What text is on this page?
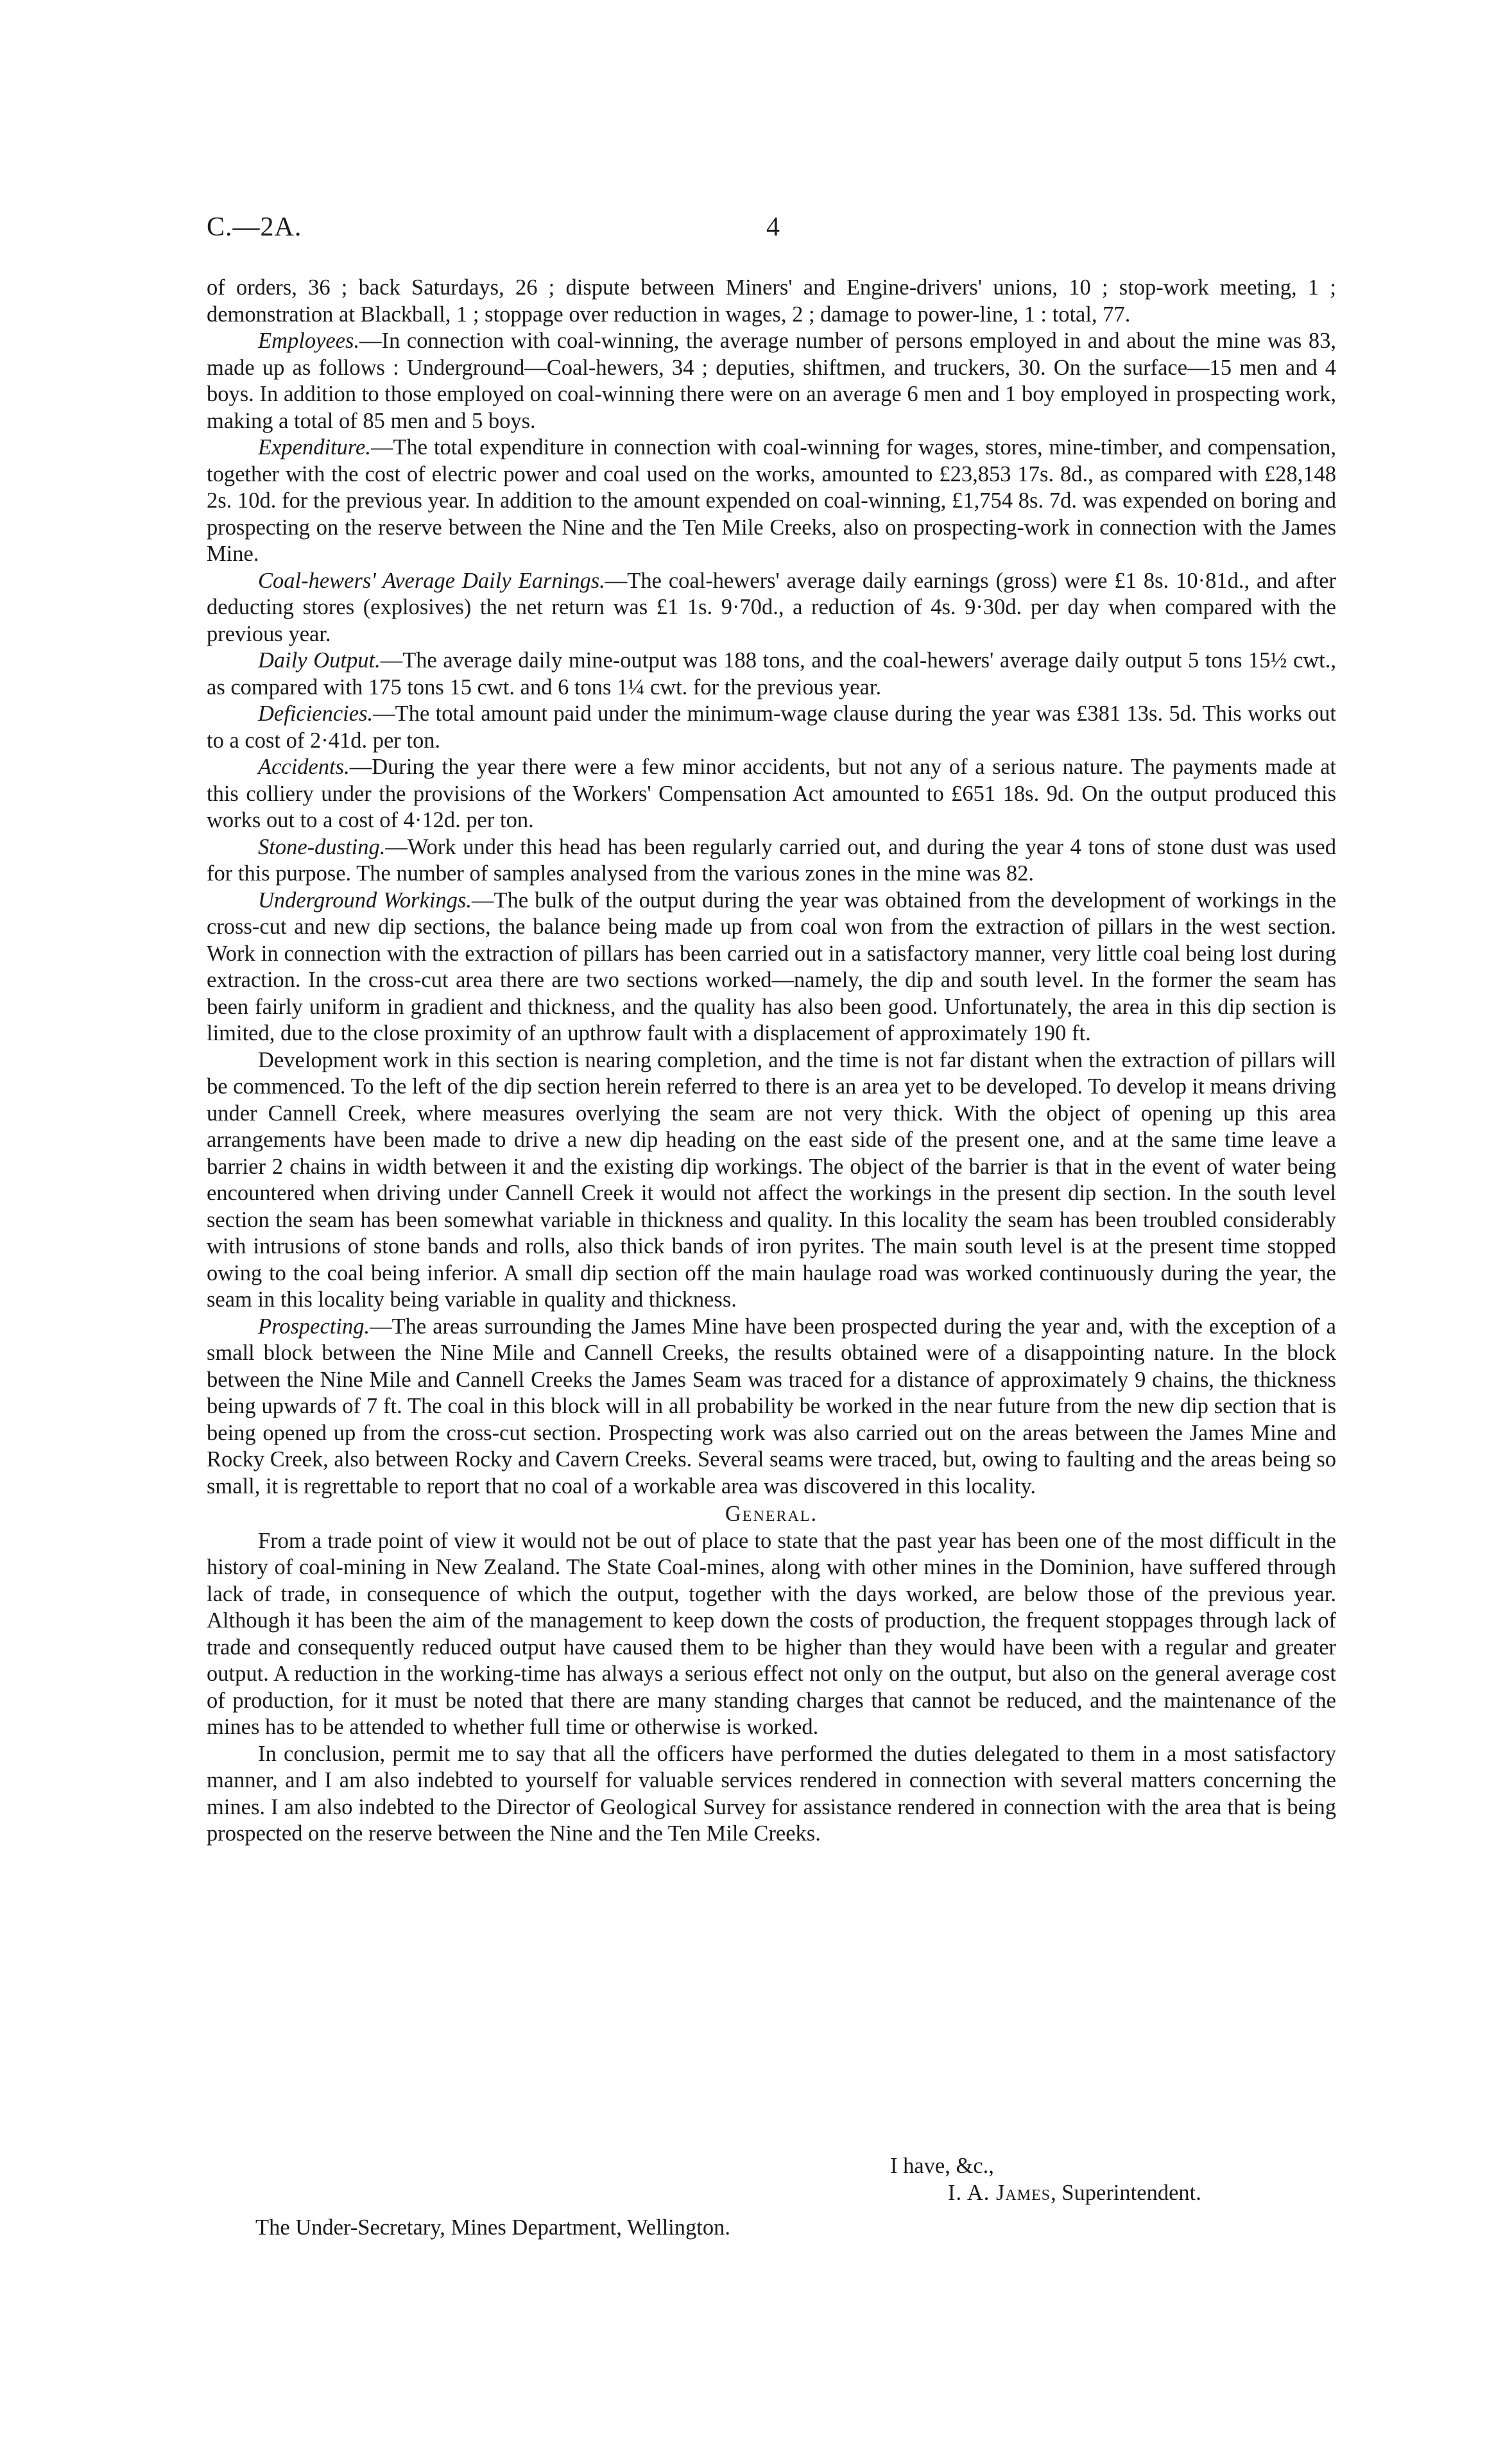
C.—2A.	4

of orders, 36 ; back Saturdays, 26 ; dispute between Miners' and Engine-drivers' unions, 10 ; stop-work meeting, 1 ; demonstration at Blackball, 1 ; stoppage over reduction in wages, 2 ; damage to power-line, 1 : total, 77.

Employees.—In connection with coal-winning, the average number of persons employed in and about the mine was 83, made up as follows : Underground—Coal-hewers, 34 ; deputies, shiftmen, and truckers, 30. On the surface—15 men and 4 boys. In addition to those employed on coal-winning there were on an average 6 men and 1 boy employed in prospecting work, making a total of 85 men and 5 boys.

Expenditure.—The total expenditure in connection with coal-winning for wages, stores, mine-timber, and compensation, together with the cost of electric power and coal used on the works, amounted to £23,853 17s. 8d., as compared with £28,148 2s. 10d. for the previous year. In addition to the amount expended on coal-winning, £1,754 8s. 7d. was expended on boring and prospecting on the reserve between the Nine and the Ten Mile Creeks, also on prospecting-work in connection with the James Mine.

Coal-hewers' Average Daily Earnings.—The coal-hewers' average daily earnings (gross) were £1 8s. 10·81d., and after deducting stores (explosives) the net return was £1 1s. 9·70d., a reduction of 4s. 9·30d. per day when compared with the previous year.

Daily Output.—The average daily mine-output was 188 tons, and the coal-hewers' average daily output 5 tons 15½ cwt., as compared with 175 tons 15 cwt. and 6 tons 1¼ cwt. for the previous year.

Deficiencies.—The total amount paid under the minimum-wage clause during the year was £381 13s. 5d. This works out to a cost of 2·41d. per ton.

Accidents.—During the year there were a few minor accidents, but not any of a serious nature. The payments made at this colliery under the provisions of the Workers' Compensation Act amounted to £651 18s. 9d. On the output produced this works out to a cost of 4·12d. per ton.

Stone-dusting.—Work under this head has been regularly carried out, and during the year 4 tons of stone dust was used for this purpose. The number of samples analysed from the various zones in the mine was 82.

Underground Workings.—The bulk of the output during the year was obtained from the development of workings in the cross-cut and new dip sections, the balance being made up from coal won from the extraction of pillars in the west section. Work in connection with the extraction of pillars has been carried out in a satisfactory manner, very little coal being lost during extraction. In the cross-cut area there are two sections worked—namely, the dip and south level. In the former the seam has been fairly uniform in gradient and thickness, and the quality has also been good. Unfortunately, the area in this dip section is limited, due to the close proximity of an upthrow fault with a displacement of approximately 190 ft.

Development work in this section is nearing completion, and the time is not far distant when the extraction of pillars will be commenced. To the left of the dip section herein referred to there is an area yet to be developed. To develop it means driving under Cannell Creek, where measures overlying the seam are not very thick. With the object of opening up this area arrangements have been made to drive a new dip heading on the east side of the present one, and at the same time leave a barrier 2 chains in width between it and the existing dip workings. The object of the barrier is that in the event of water being encountered when driving under Cannell Creek it would not affect the workings in the present dip section. In the south level section the seam has been somewhat variable in thickness and quality. In this locality the seam has been troubled considerably with intrusions of stone bands and rolls, also thick bands of iron pyrites. The main south level is at the present time stopped owing to the coal being inferior. A small dip section off the main haulage road was worked continuously during the year, the seam in this locality being variable in quality and thickness.

Prospecting.—The areas surrounding the James Mine have been prospected during the year and, with the exception of a small block between the Nine Mile and Cannell Creeks, the results obtained were of a disappointing nature. In the block between the Nine Mile and Cannell Creeks the James Seam was traced for a distance of approximately 9 chains, the thickness being upwards of 7 ft. The coal in this block will in all probability be worked in the near future from the new dip section that is being opened up from the cross-cut section. Prospecting work was also carried out on the areas between the James Mine and Rocky Creek, also between Rocky and Cavern Creeks. Several seams were traced, but, owing to faulting and the areas being so small, it is regrettable to report that no coal of a workable area was discovered in this locality.

General.

From a trade point of view it would not be out of place to state that the past year has been one of the most difficult in the history of coal-mining in New Zealand. The State Coal-mines, along with other mines in the Dominion, have suffered through lack of trade, in consequence of which the output, together with the days worked, are below those of the previous year. Although it has been the aim of the management to keep down the costs of production, the frequent stoppages through lack of trade and consequently reduced output have caused them to be higher than they would have been with a regular and greater output. A reduction in the working-time has always a serious effect not only on the output, but also on the general average cost of production, for it must be noted that there are many standing charges that cannot be reduced, and the maintenance of the mines has to be attended to whether full time or otherwise is worked.

In conclusion, permit me to say that all the officers have performed the duties delegated to them in a most satisfactory manner, and I am also indebted to yourself for valuable services rendered in connection with several matters concerning the mines. I am also indebted to the Director of Geological Survey for assistance rendered in connection with the area that is being prospected on the reserve between the Nine and the Ten Mile Creeks.

I have, &c.,
I. A. James, Superintendent.
The Under-Secretary, Mines Department, Wellington.
